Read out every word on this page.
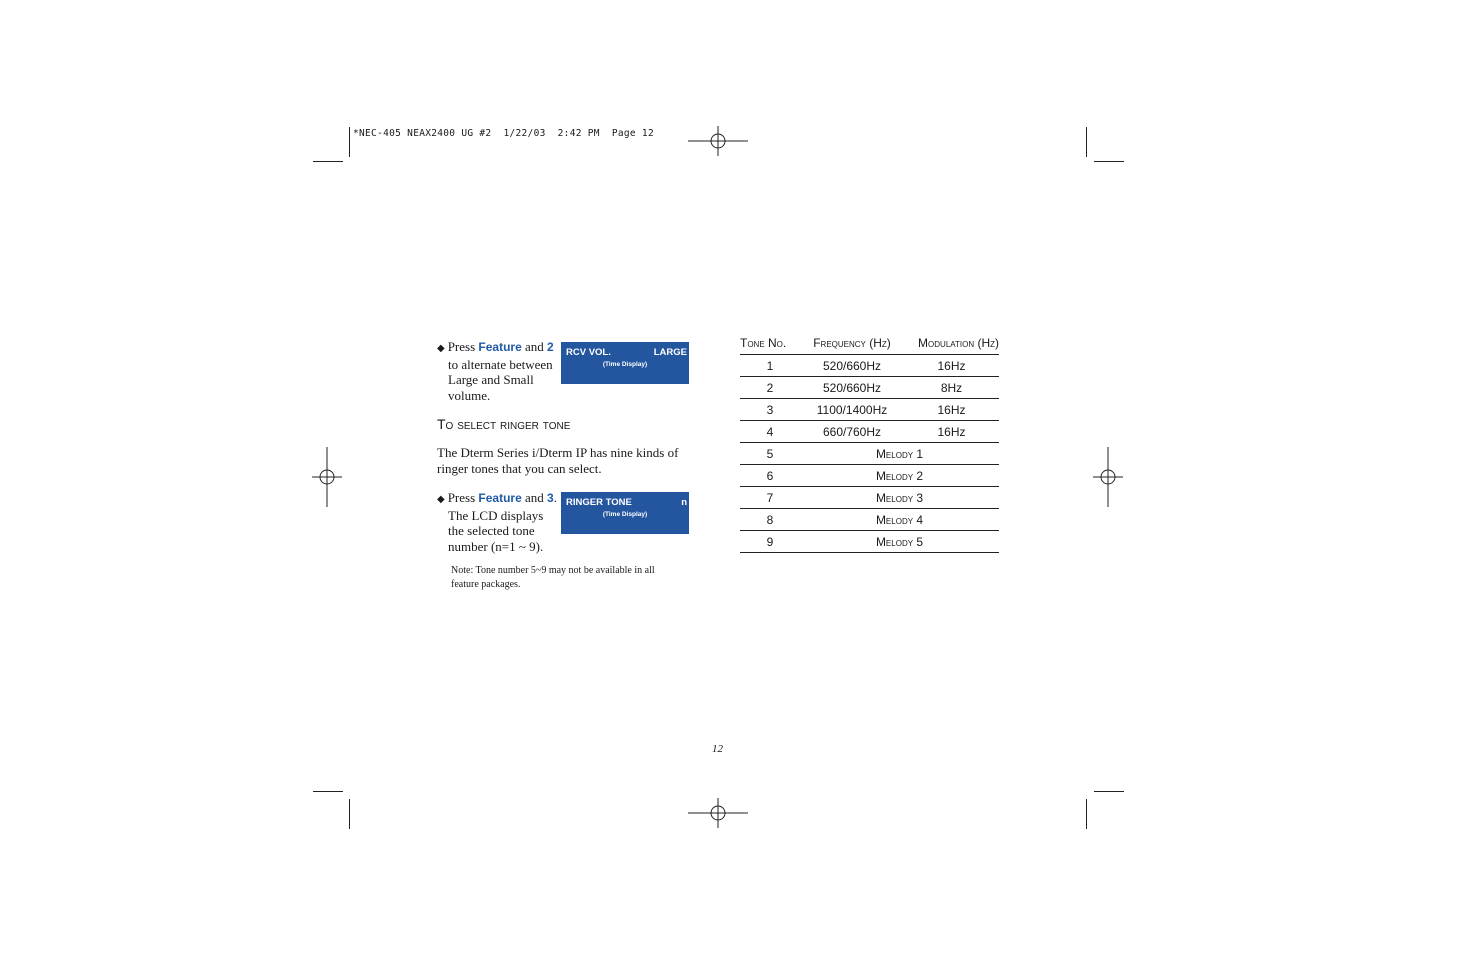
*NEC-405 NEAX2400 UG #2  1/22/03  2:42 PM  Page 12
◆ Press Feature and 2
to alternate between
Large and Small
volume.
RCV VOL.	LARGE
(Time Display)
To select ringer tone
The Dterm Series i/Dterm IP has nine kinds of
ringer tones that you can select.
◆ Press Feature and 3.
The LCD displays
the selected tone
number (n=1 ~ 9).
RINGER TONE	n
(Time Display)
Note: Tone number 5~9 may not be available in all
feature packages.
Tone No.	Frequency (Hz)	Modulation (Hz)
1	520/660Hz	16Hz
2	520/660Hz	8Hz
3	1100/1400Hz	16Hz
4	660/760Hz	16Hz
5	Melody 1	
6	Melody 2	
7	Melody 3	
8	Melody 4	
9	Melody 5	
12
